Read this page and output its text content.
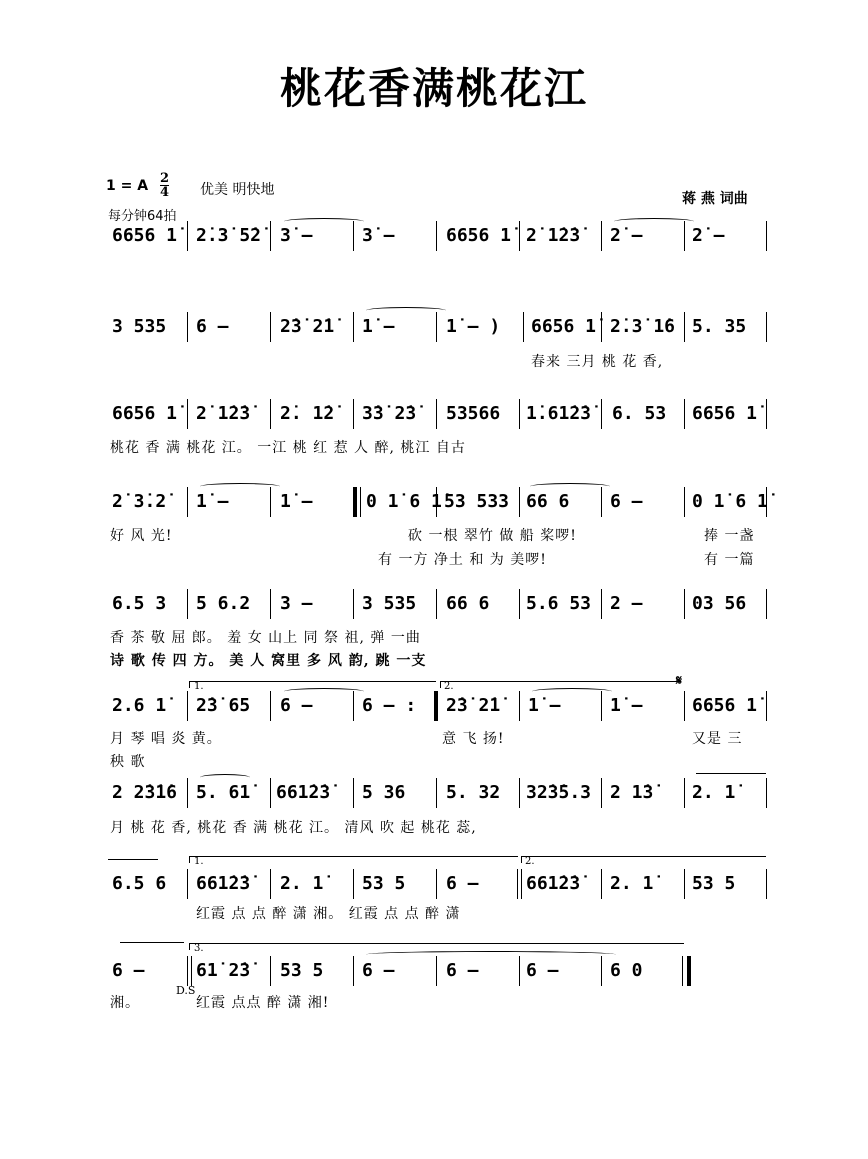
桃花香满桃花江
1 = A $\frac{2}{4}$ 优美 明快地
每分钟64拍
蒋 燕 词曲
6656 1̇ 2̇.3̇ 5̇2̇ 3̇ –	3̇ –	6656 1̇ 2̇ 1̇2̇3̇ 2̇ –	2̇ –
3 535 6 –	2̇3̇ 2̇1̇ 1̇ –	1̇ – ) 6656 1̇ 2̇.3̇ 1̇6 5. 35
春来 三月 桃 花 香,
6656 1̇ 2̇ 1̇2̇3̇ 2̇. 1̇2̇ 3̇3̇ 2̇3̇ 53566 1̇.61̇2̇3̇ 6. 53 6656 1̇
桃花 香 满 桃花 江。 一江 桃 红 惹 人 醉, 桃江 自古
2̇ 3̇.2̇ 1̇ –	1̇ –	0 1̇ 6 1̇ 53 533 66 6 6 –	0 1̇ 6 1̇
好 风 光!	砍 一根 翠竹 做 船 桨啰!	捧 一盏
有 一方 净土 和 为 美啰!	有 一篇
6.5 3 5 6.2 3 –	3 535 66 6 5.6 53 2 –	03 56
香 茶 敬 屈 郎。 羞 女 山上 同 祭 祖, 弹 一曲
诗 歌 传 四 方。 美 人 窝里 多 风 韵, 跳 一支
1.	2.	𝄋
2.6 1̇ 2̇3̇ 65 6 –	6 – : 2̇3̇ 2̇1̇ 1̇ –	1̇ –	6656 1̇
月 琴 唱 炎 黄。	意 飞 扬!	又是 三
秧 歌
2 2̇3̇1̇6 5. 61̇ 661̇2̇3̇ 5 36 5. 32 32̇3̇5.3 2 1̇3̇ 2. 1̇
月 桃 花 香, 桃花 香 满 桃花 江。 清风 吹 起 桃花 蕊,
1.	2.
6.5 6 661̇2̇3̇ 2. 1̇ 53 5 6 –	661̇2̇3̇ 2. 1̇ 53 5
红霞 点 点 醉 潇 湘。 红霞 点 点 醉 潇
3.
6 –
D.S
61̇ 2̇3̇ 53 5 6 –	6 –	6 –	6 0
湘。	红霞 点点 醉 潇 湘!
